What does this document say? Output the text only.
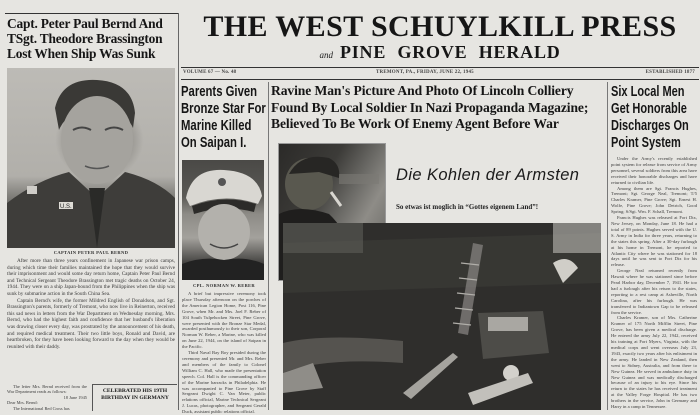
Capt. Peter Paul Bernd And
TSgt. Theodore Brassington
Lost When Ship Was Sunk
U.S.
CAPTAIN PETER PAUL BERND

After more than three years confinement in Japanese war prison camps, during which time their families maintained the hope that they would survive their imprisonment and would some day return home, Captain Peter Paul Bernd and Technical Sergeant Theodore Brassington met tragic deaths on October 24, 1944. They were on a ship Japan-bound from the Philippines when the ship was sunk by submarine action in the South China Sea.

Captain Bernd's wife, the former Mildred English of Donaldson, and Sgt. Brassington's parents, formerly of Tremont, who now live in Reinerton, received this sad news in letters from the War Department on Wednesday morning. Mrs. Bernd, who had the highest faith and confidence that her husband's liberation was drawing closer every day, was prostrated by the announcement of his death, and required medical treatment. Their two little boys, Ronald and David, are heartbroken, for they have been looking forward to the day when they would be reunited with their daddy.

The letter Mrs. Bernd received from the War Department reads as follows:
18 June 1945
Dear Mrs. Bernd:
The International Red Cross has
CELEBRATED HIS 19TH
BIRTHDAY IN GERMANY
THE WEST SCHUYLKILL PRESS
and PINE GROVE HERALD
VOLUME 67 — No. 48	TREMONT, PA., FRIDAY, JUNE 22, 1945	ESTABLISHED 1877
Parents Given
Bronze Star For
Marine Killed
On Saipan I.
CPL. NORMAN W. REBER

A brief but impressive ceremony took place Thursday afternoon on the porches of the American Legion Home, Post 116, Pine Grove, when Mr. and Mrs. Joel F. Reber of 104 South Tulpehocken Street, Pine Grove, were presented with the Bronze Star Medal, awarded posthumously to their son, Corporal Norman W. Reber, a Marine, who was killed on June 22, 1944, on the island of Saipan in the Pacific.

Third Naval Bay Boy presided during the ceremony and presented Mr. and Mrs. Reber and members of the family to Colonel William C. Hall, who made the presentation speech. Col. Hall is the commanding officer of the Marine barracks in Philadelphia. He was accompanied to Pine Grove by Staff Sergeant Dwight C. Van Meter, public relations official, Marine Technical Sergeant J. Lucas, photographer, and Sergeant Gerald Duck, assistant public relations official.

Ravine Man's Picture And Photo Of Lincoln Colliery
Found By Local Soldier In Nazi Propaganda Magazine;
Believed To Be Work Of Enemy Agent Before War
Die Kohlen der Armsten
So etwas ist moglich in “Gottes eigenem Land”!
Six Local Men
Get Honorable
Discharges On
Point System

Under the Army's recently established point system for release from service of Army personnel, several soldiers from this area have received their honorable discharges and have returned to civilian life.

Among them are Sgt. Francis Hughes, Tremont; Sgt. George Neal, Tremont; T/5 Charles Kramer, Pine Grove; Sgt. Ernest H. Wolfe, Pine Grove; John Detrich, Good Spring; S/Sgt. Wm. F. Schall, Tremont.

Francis Hughes was released at Fort Dix, New Jersey, on Monday, June 18. He had a total of 89 points. Hughes served with the U. S. Army in India for three years, returning to the states this spring. After a 30-day furlough at his home in Tremont, he reported to Atlantic City where he was stationed for 18 days until he was sent to Fort Dix for his release.

George Neal returned recently from Hawaii where he was stationed since before Pearl Harbor day, December 7, 1941. He too had a furlough after his return to the states, reporting to a rest camp at Asheville, North Carolina, after his furlough. He was transferred to Indiantown Gap to be released from the service.

Charles Kramer, son of Mrs. Catherine Kramer of 175 North Mifflin Street, Pine Grove, has been given a medical discharge. He entered the army July 22, 1942, received his training at Fort Myers, Virginia, with the medical corps and went overseas July 23, 1943, exactly two years after his enlistment in the army. He landed in New Zealand, then went to Sidney, Australia, and from there to New Guinea. He served in ambulance duty in New Guinea and was medically discharged because of an injury to his eye. Since his return to the states he has received treatment at the Valley Forge Hospital. He has two brothers in the service, John in Germany and Harry in a camp in Tennessee.
